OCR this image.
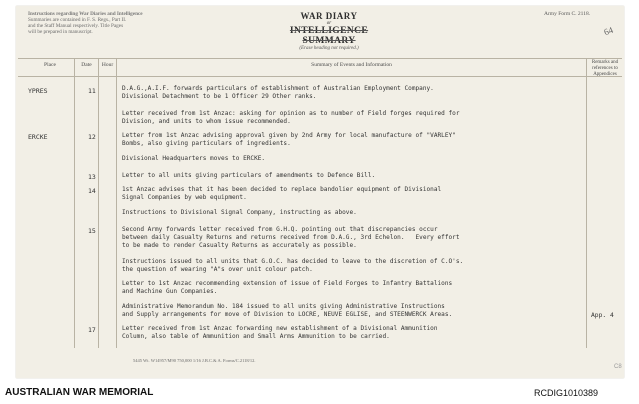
Instructions regarding War Diaries and Intelligence
Summaries are contained in F. S. Regs., Part II.
and the Staff Manual respectively. Title Pages
will be prepared in manuscript.
WAR DIARY
or
INTELLIGENCE SUMMARY
(Erase heading not required.)
Army Form C. 2118.
64
Place	Date	Hour	Summary of Events and Information	Remarks and references to Appendices
YPRES	11	D.A.G.,A.I.F. forwards particulars of establishment of Australian Employment Company.
Divisional Detachment to be 1 Officer 29 Other ranks.
Letter received from 1st Anzac: asking for opinion as to number of Field forges required for
Division, and units to whom issue recommended.
ERCKE	12	Letter from 1st Anzac advising approval given by 2nd Army for local manufacture of "VARLEY"
Bombs, also giving particulars of ingredients.
Divisional Headquarters moves to ERCKE.
13	Letter to all units giving particulars of amendments to Defence Bill.
14	1st Anzac advises that it has been decided to replace bandolier equipment of Divisional
Signal Companies by web equipment.
Instructions to Divisional Signal Company, instructing as above.
15	Second Army forwards letter received from G.H.Q. pointing out that discrepancies occur
between daily Casualty Returns and returns received from D.A.G., 3rd Echelon.   Every effort
to be made to render Casualty Returns as accurately as possible.
Instructions issued to all units that G.O.C. has decided to leave to the discretion of C.O's.
the question of wearing "A"s over unit colour patch.
Letter to 1st Anzac recommending extension of issue of Field Forges to Infantry Battalions
and Machine Gun Companies.
Administrative Memorandum No. 184 issued to all units giving Administrative Instructions
and Supply arrangements for move of Division to LOCRE, NEUVE EGLISE, and STEENWERCK Areas.	App. 4
17	Letter received from 1st Anzac forwarding new establishment of a Divisional Ammunition
Column, also table of Ammunition and Small Arms Ammunition to be carried.
5445 Wt. W14957/M90 750,000 1/16 J.B.C.& A. Forms/C.2118/12.
C8
AUSTRALIAN WAR MEMORIAL	RCDIG1010389
